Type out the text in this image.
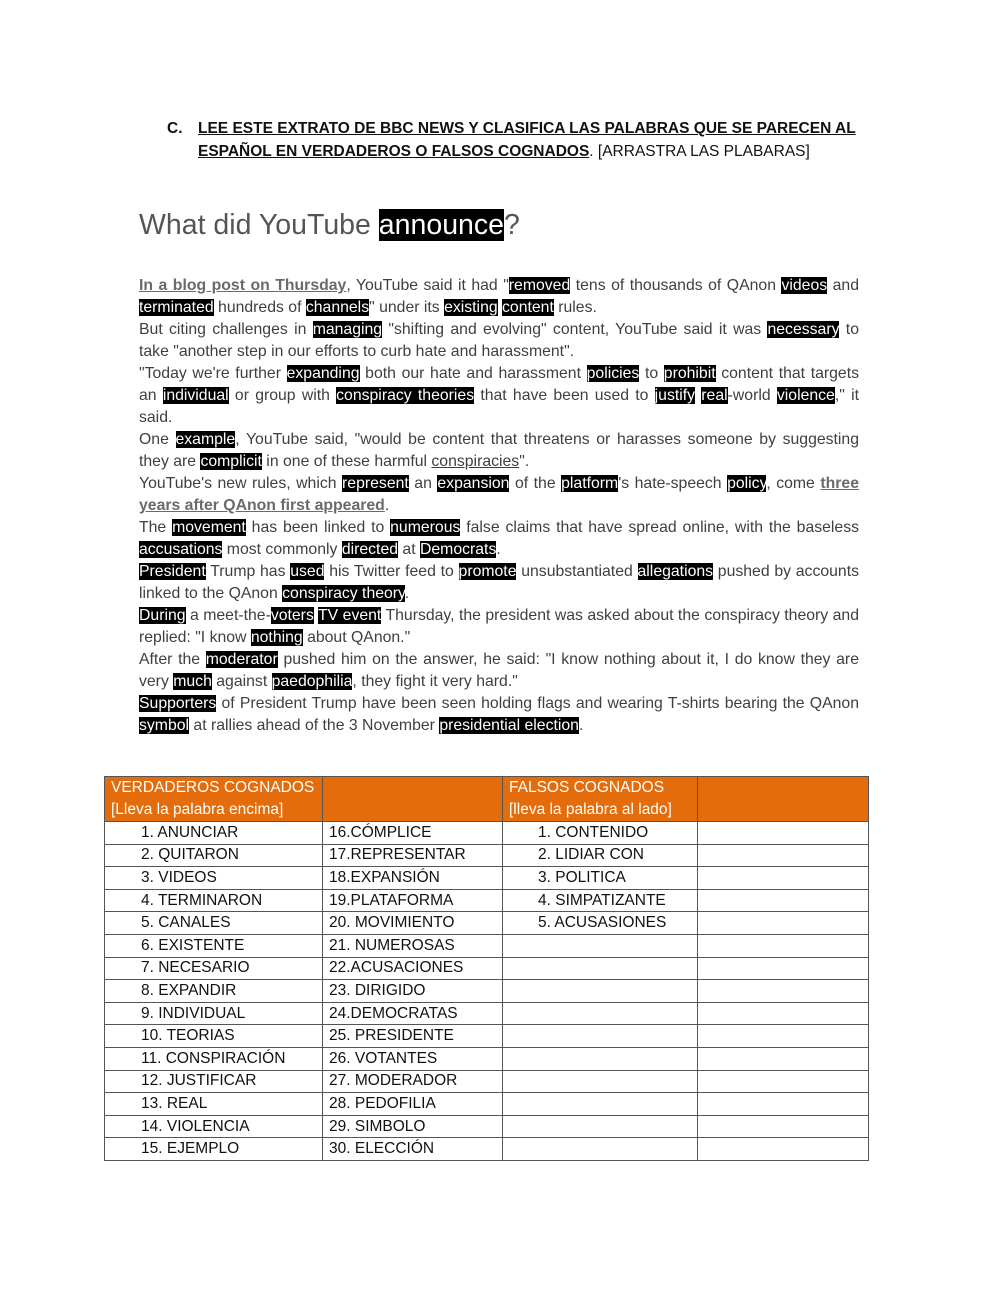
C. LEE ESTE EXTRATO DE BBC NEWS Y CLASIFICA LAS PALABRAS QUE SE PARECEN AL ESPAÑOL EN VERDADEROS O FALSOS COGNADOS. [ARRASTRA LAS PLABARAS]
What did YouTube announce?

In a blog post on Thursday, YouTube said it had "removed tens of thousands of QAnon videos and terminated hundreds of channels" under its existing content rules.

But citing challenges in managing "shifting and evolving" content, YouTube said it was necessary to take "another step in our efforts to curb hate and harassment".

"Today we're further expanding both our hate and harassment policies to prohibit content that targets an individual or group with conspiracy theories that have been used to justify real-world violence," it said.

One example, YouTube said, "would be content that threatens or harasses someone by suggesting they are complicit in one of these harmful conspiracies".

YouTube's new rules, which represent an expansion of the platform's hate-speech policy, come three years after QAnon first appeared.

The movement has been linked to numerous false claims that have spread online, with the baseless accusations most commonly directed at Democrats.

President Trump has used his Twitter feed to promote unsubstantiated allegations pushed by accounts linked to the QAnon conspiracy theory.

During a meet-the-voters TV event Thursday, the president was asked about the conspiracy theory and replied: "I know nothing about QAnon."

After the moderator pushed him on the answer, he said: "I know nothing about it, I do know they are very much against paedophilia, they fight it very hard."

Supporters of President Trump have been seen holding flags and wearing T-shirts bearing the QAnon symbol at rallies ahead of the 3 November presidential election.

VERDADEROS COGNADOS
[Lleva la palabra encima]		FALSOS COGNADOS
[lleva la palabra al lado]	
1. ANUNCIAR	16.CÓMPLICE	1. CONTENIDO	
2. QUITARON	17.REPRESENTAR	2. LIDIAR CON	
3. VIDEOS	18.EXPANSIÓN	3. POLITICA	
4. TERMINARON	19.PLATAFORMA	4. SIMPATIZANTE	
5. CANALES	20. MOVIMIENTO	5. ACUSASIONES	
6. EXISTENTE	21. NUMEROSAS		
7. NECESARIO	22.ACUSACIONES		
8. EXPANDIR	23. DIRIGIDO		
9. INDIVIDUAL	24.DEMOCRATAS		
10. TEORIAS	25. PRESIDENTE		
11. CONSPIRACIÓN	26. VOTANTES		
12. JUSTIFICAR	27. MODERADOR		
13. REAL	28. PEDOFILIA		
14. VIOLENCIA	29. SIMBOLO		
15. EJEMPLO	30. ELECCIÓN		
